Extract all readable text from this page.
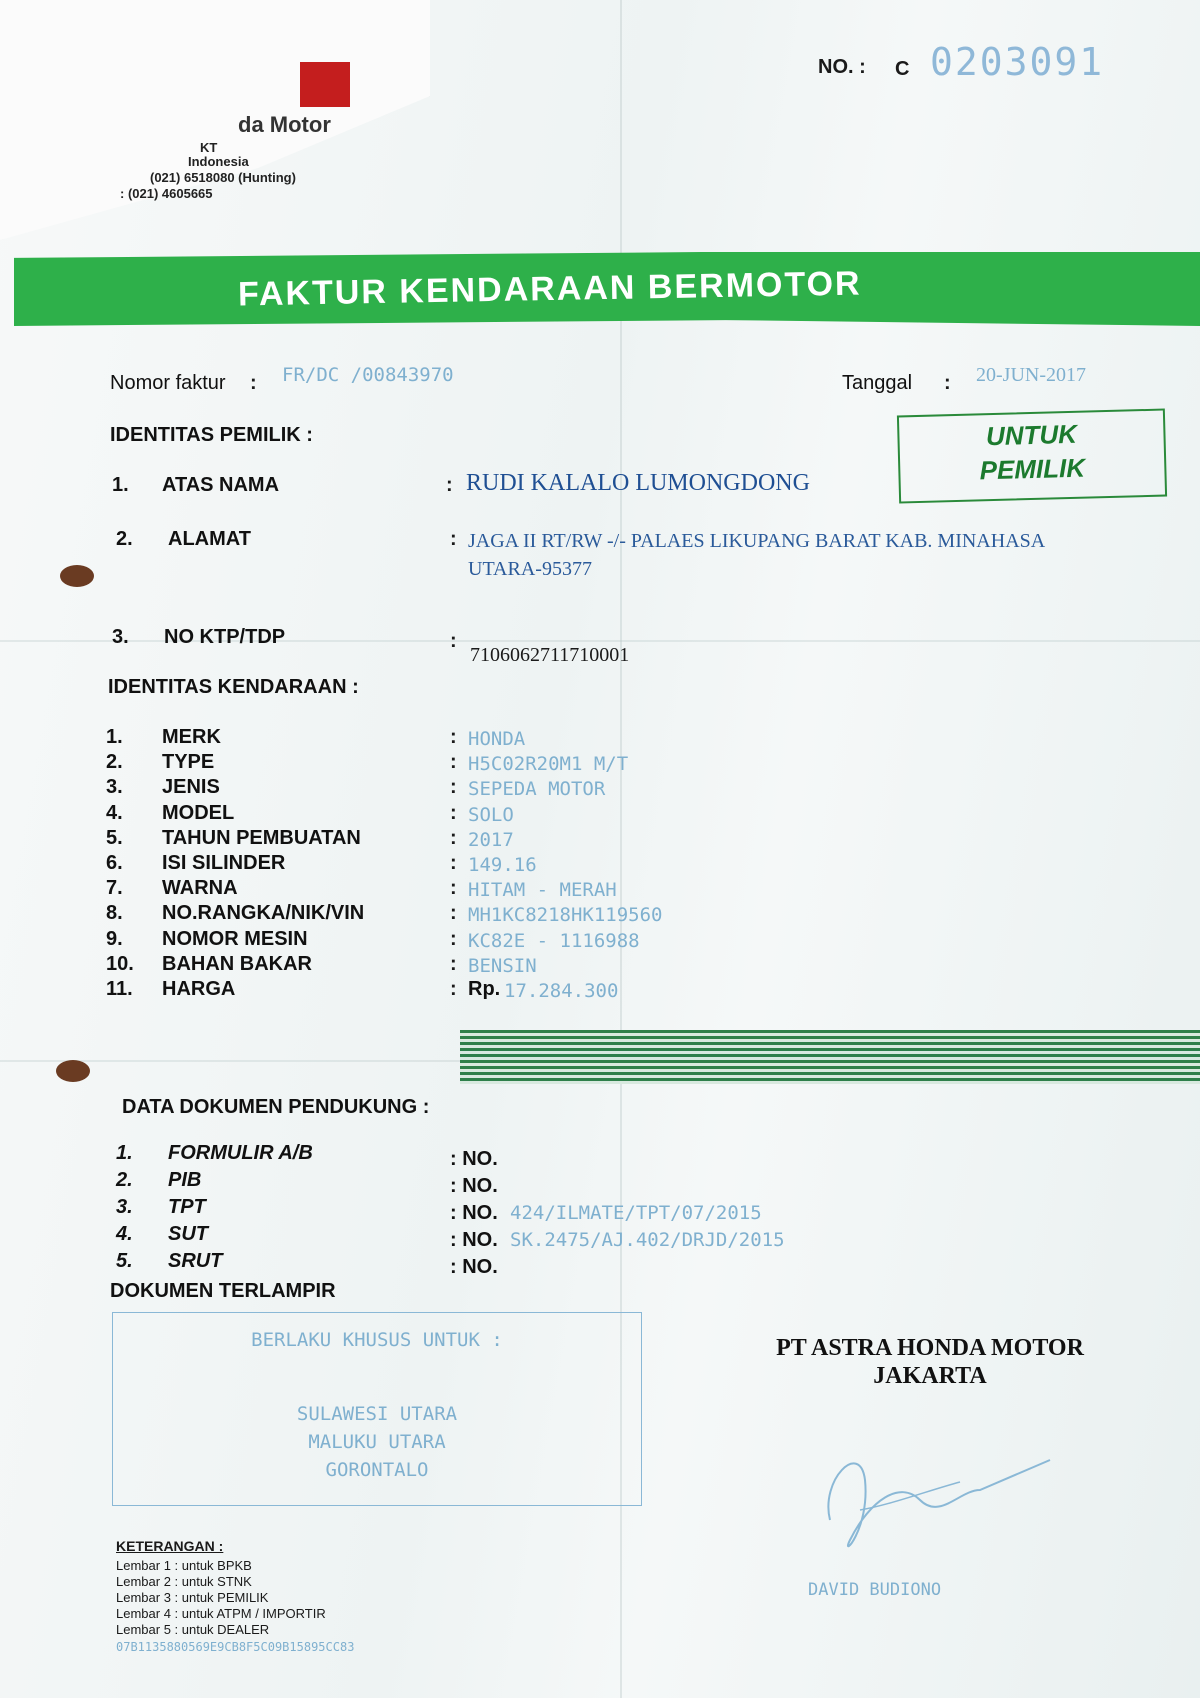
da Motor
KT
Indonesia
(021) 6518080 (Hunting)
: (021) 4605665
NO. : C 0203091
FAKTUR KENDARAAN BERMOTOR
Nomor faktur : FR/DC /00843970	Tanggal : 20-JUN-2017
IDENTITAS PEMILIK :	UNTUK
PEMILIK
1. ATAS NAMA	: RUDI KALALO LUMONGDONG
2. ALAMAT	: JAGA II RT/RW -/- PALAES LIKUPANG BARAT KAB. MINAHASA
UTARA-95377
3. NO KTP/TDP	:
7106062711710001
IDENTITAS KENDARAAN :
1. MERK	: HONDA
2. TYPE	: H5C02R20M1 M/T
3. JENIS	: SEPEDA MOTOR
4. MODEL	: SOLO
5. TAHUN PEMBUATAN	: 2017
6. ISI SILINDER	: 149.16
7. WARNA	: HITAM - MERAH
8. NO.RANGKA/NIK/VIN	: MH1KC8218HK119560
9. NOMOR MESIN	: KC82E - 1116988
10. BAHAN BAKAR	: BENSIN
11. HARGA	: Rp. 17.284.300
DATA DOKUMEN PENDUKUNG :
1. FORMULIR A/B	: NO.
2. PIB	: NO.
3. TPT	: NO. 424/ILMATE/TPT/07/2015
4. SUT	: NO. SK.2475/AJ.402/DRJD/2015
5. SRUT	: NO.
DOKUMEN TERLAMPIR
BERLAKU KHUSUS UNTUK :
SULAWESI UTARA
MALUKU UTARA
GORONTALO
PT ASTRA HONDA MOTOR
JAKARTA
DAVID BUDIONO
KETERANGAN :
Lembar 1 : untuk BPKB
Lembar 2 : untuk STNK
Lembar 3 : untuk PEMILIK
Lembar 4 : untuk ATPM / IMPORTIR
Lembar 5 : untuk DEALER
07B1135880569E9CB8F5C09B15895CC83
